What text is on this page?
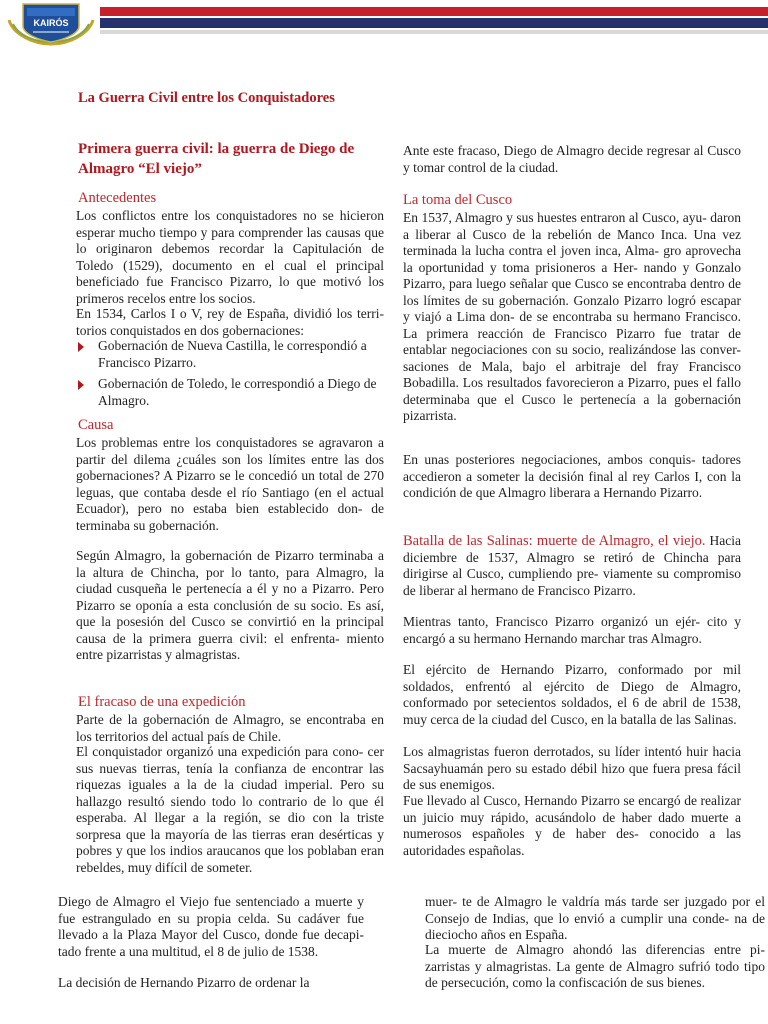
KAIRÓS

La Guerra Civil entre los Conquistadores

Primera guerra civil: la guerra de Diego de Almagro “El viejo”

Antecedentes

Los conflictos entre los conquistadores no se hicieron esperar mucho tiempo y para comprender las causas que lo originaron debemos recordar la Capitulación de Toledo (1529), documento en el cual el principal beneficiado fue Francisco Pizarro, lo que motivó los primeros recelos entre los socios.

En 1534, Carlos I o V, rey de España, dividió los terri- torios conquistados en dos gobernaciones:

Gobernación de Nueva Castilla, le correspondió a Francisco Pizarro.
Gobernación de Toledo, le correspondió a Diego de Almagro.

Causa

Los problemas entre los conquistadores se agravaron a partir del dilema ¿cuáles son los límites entre las dos gobernaciones? A Pizarro se le concedió un total de 270 leguas, que contaba desde el río Santiago (en el actual Ecuador), pero no estaba bien establecido don- de terminaba su gobernación.

Según Almagro, la gobernación de Pizarro terminaba a la altura de Chincha, por lo tanto, para Almagro, la ciudad cusqueña le pertenecía a él y no a Pizarro. Pero Pizarro se oponía a esta conclusión de su socio. Es así, que la posesión del Cusco se convirtió en la principal causa de la primera guerra civil: el enfrenta- miento entre pizarristas y almagristas.

El fracaso de una expedición

Parte de la gobernación de Almagro, se encontraba en los territorios del actual país de Chile.

El conquistador organizó una expedición para cono- cer sus nuevas tierras, tenía la confianza de encontrar las riquezas iguales a la de la ciudad imperial. Pero su hallazgo resultó siendo todo lo contrario de lo que él esperaba. Al llegar a la región, se dio con la triste sorpresa que la mayoría de las tierras eran desérticas y pobres y que los indios araucanos que los poblaban eran rebeldes, muy difícil de someter.

Ante este fracaso, Diego de Almagro decide regresar al Cusco y tomar control de la ciudad.

La toma del Cusco

En 1537, Almagro y sus huestes entraron al Cusco, ayu- daron a liberar al Cusco de la rebelión de Manco Inca. Una vez terminada la lucha contra el joven inca, Alma- gro aprovecha la oportunidad y toma prisioneros a Her- nando y Gonzalo Pizarro, para luego señalar que Cusco se encontraba dentro de los límites de su gobernación. Gonzalo Pizarro logró escapar y viajó a Lima don- de se encontraba su hermano Francisco. La primera reacción de Francisco Pizarro fue tratar de entablar negociaciones con su socio, realizándose las conver- saciones de Mala, bajo el arbitraje del fray Francisco Bobadilla. Los resultados favorecieron a Pizarro, pues el fallo determinaba que el Cusco le pertenecía a la gobernación pizarrista.

En unas posteriores negociaciones, ambos conquis- tadores accedieron a someter la decisión final al rey Carlos I, con la condición de que Almagro liberara a Hernando Pizarro.

Batalla de las Salinas: muerte de Almagro, el viejo. Hacia diciembre de 1537, Almagro se retiró de Chincha para dirigirse al Cusco, cumpliendo pre- viamente su compromiso de liberar al hermano de Francisco Pizarro.

Mientras tanto, Francisco Pizarro organizó un ejér- cito y encargó a su hermano Hernando marchar tras Almagro.

El ejército de Hernando Pizarro, conformado por mil soldados, enfrentó al ejército de Diego de Almagro, conformado por setecientos soldados, el 6 de abril de 1538, muy cerca de la ciudad del Cusco, en la batalla de las Salinas.

Los almagristas fueron derrotados, su líder intentó huir hacia Sacsayhuamán pero su estado débil hizo que fuera presa fácil de sus enemigos.

Fue llevado al Cusco, Hernando Pizarro se encargó de realizar un juicio muy rápido, acusándolo de haber dado muerte a numerosos españoles y de haber des- conocido a las autoridades españolas.

Diego de Almagro el Viejo fue sentenciado a muerte y fue estrangulado en su propia celda. Su cadáver fue llevado a la Plaza Mayor del Cusco, donde fue decapi- tado frente a una multitud, el 8 de julio de 1538.

La decisión de Hernando Pizarro de ordenar la

muer- te de Almagro le valdría más tarde ser juzgado por el Consejo de Indias, que lo envió a cumplir una conde- na de dieciocho años en España.

La muerte de Almagro ahondó las diferencias entre pi- zarristas y almagristas. La gente de Almagro sufrió todo tipo de persecución, como la confiscación de sus bienes.
